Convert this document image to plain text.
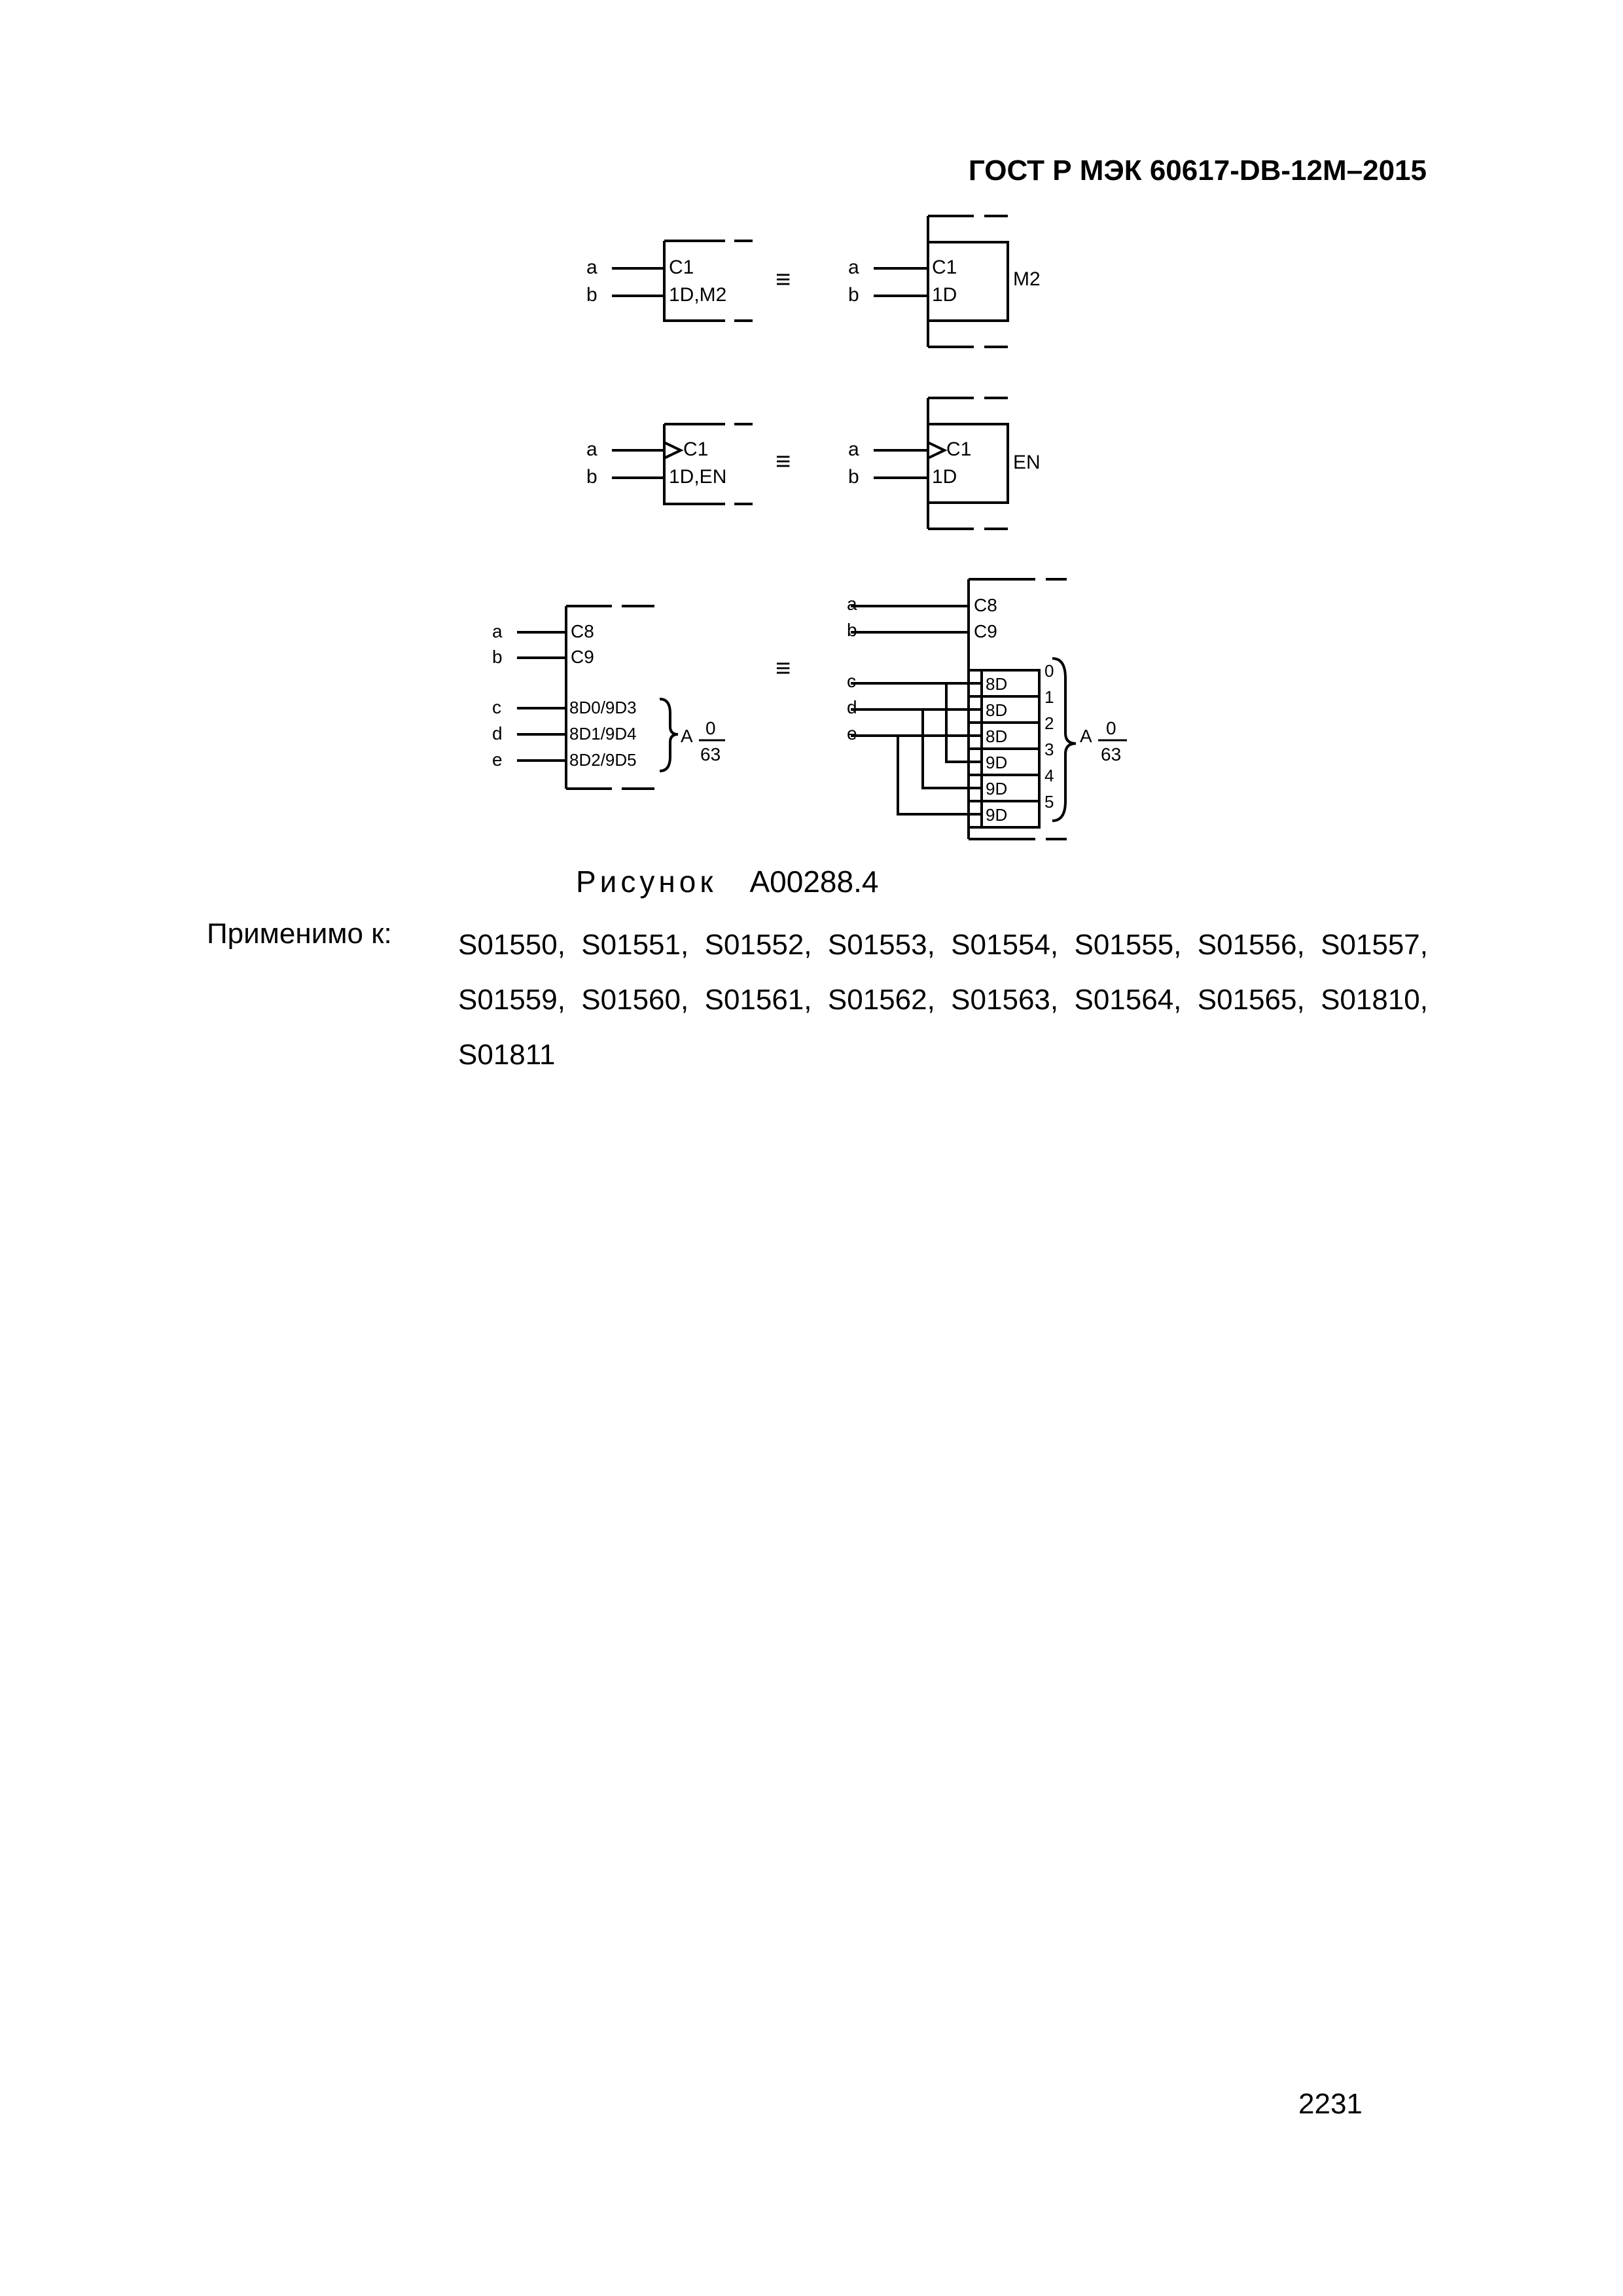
ГОСТ Р МЭК 60617-DB-12M–2015
a
b
C1
1D,M2
≡	a
b
C1
1D
M2
a
b
C1
1D,EN
≡	a
b
C1
1D
EN
a
b
c
d
e
C8
C9
8D0/9D3
8D1/9D4
8D2/9D5
A 0
63
≡
a
b
c
d
e
C8
C9
8D
8D
8D
9D
9D
9D
0
1
2
3
4
5
A 0
63
Рисунок A00288.4
Применимо к: S01550, S01551, S01552, S01553, S01554, S01555, S01556, S01557, S01559, S01560, S01561, S01562, S01563, S01564, S01565, S01810, S01811
2231
